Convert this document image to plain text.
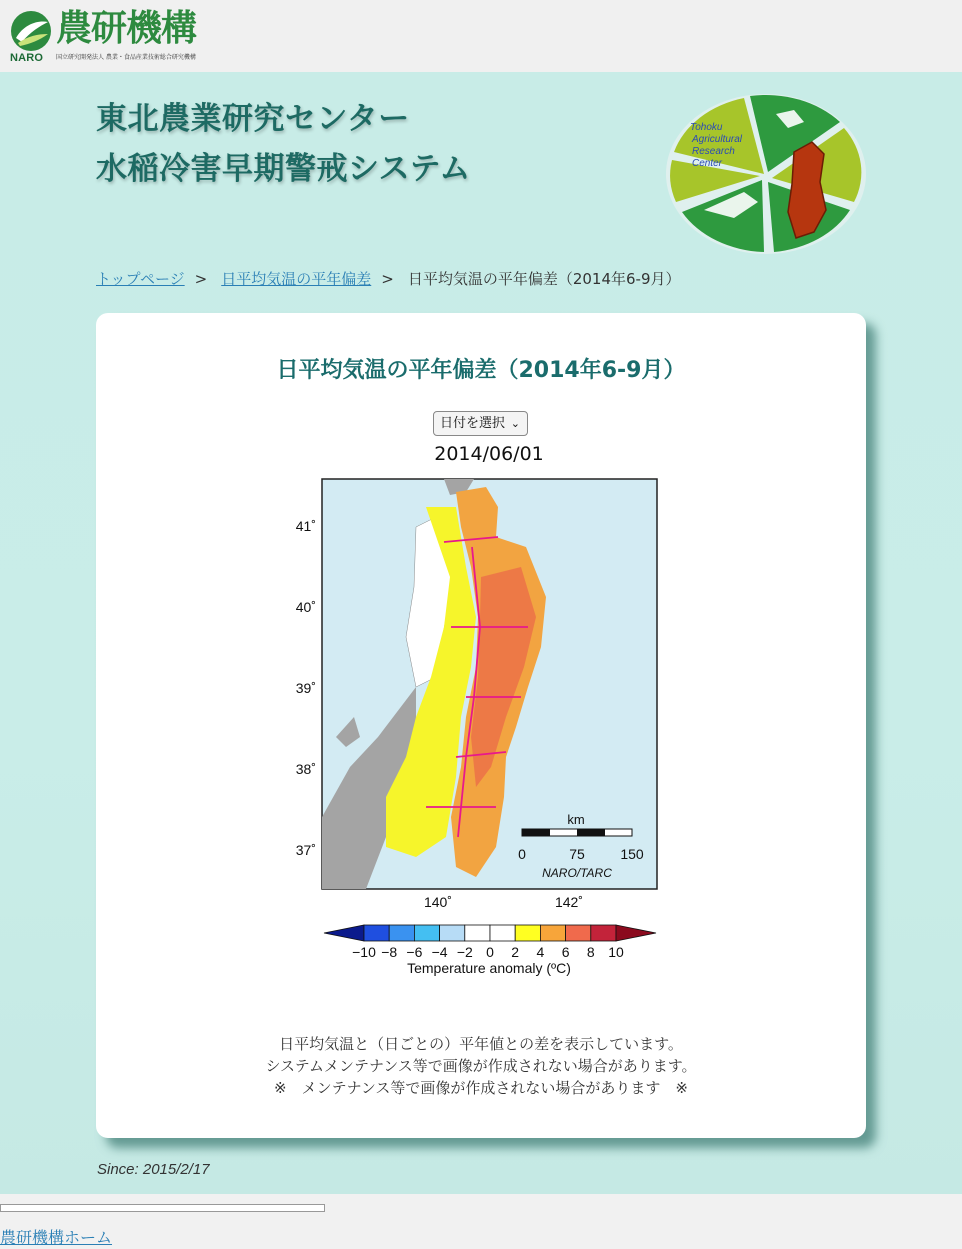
NARO
農研機構
国立研究開発法人 農業・食品産業技術総合研究機構
東北農業研究センター
水稲冷害早期警戒システム
Tohoku Agricultural Research Center
トップページ > 日平均気温の平年偏差 > 日平均気温の平年偏差（2014年6-9月）
日平均気温の平年偏差（2014年6-9月）
日付を選択 ⌄
2014/06/01
41˚
40˚
39˚
38˚
37˚
140˚	142˚
km
0	75	150
NARO/TARC
−10 −8 −6 −4 −2 0 2 4 6 8 10
Temperature anomaly (ºC)
日平均気温と（日ごとの）平年値との差を表示しています。
システムメンテナンス等で画像が作成されない場合があります。
※　メンテナンス等で画像が作成されない場合があります　※
Since: 2015/2/17
農研機構ホーム
